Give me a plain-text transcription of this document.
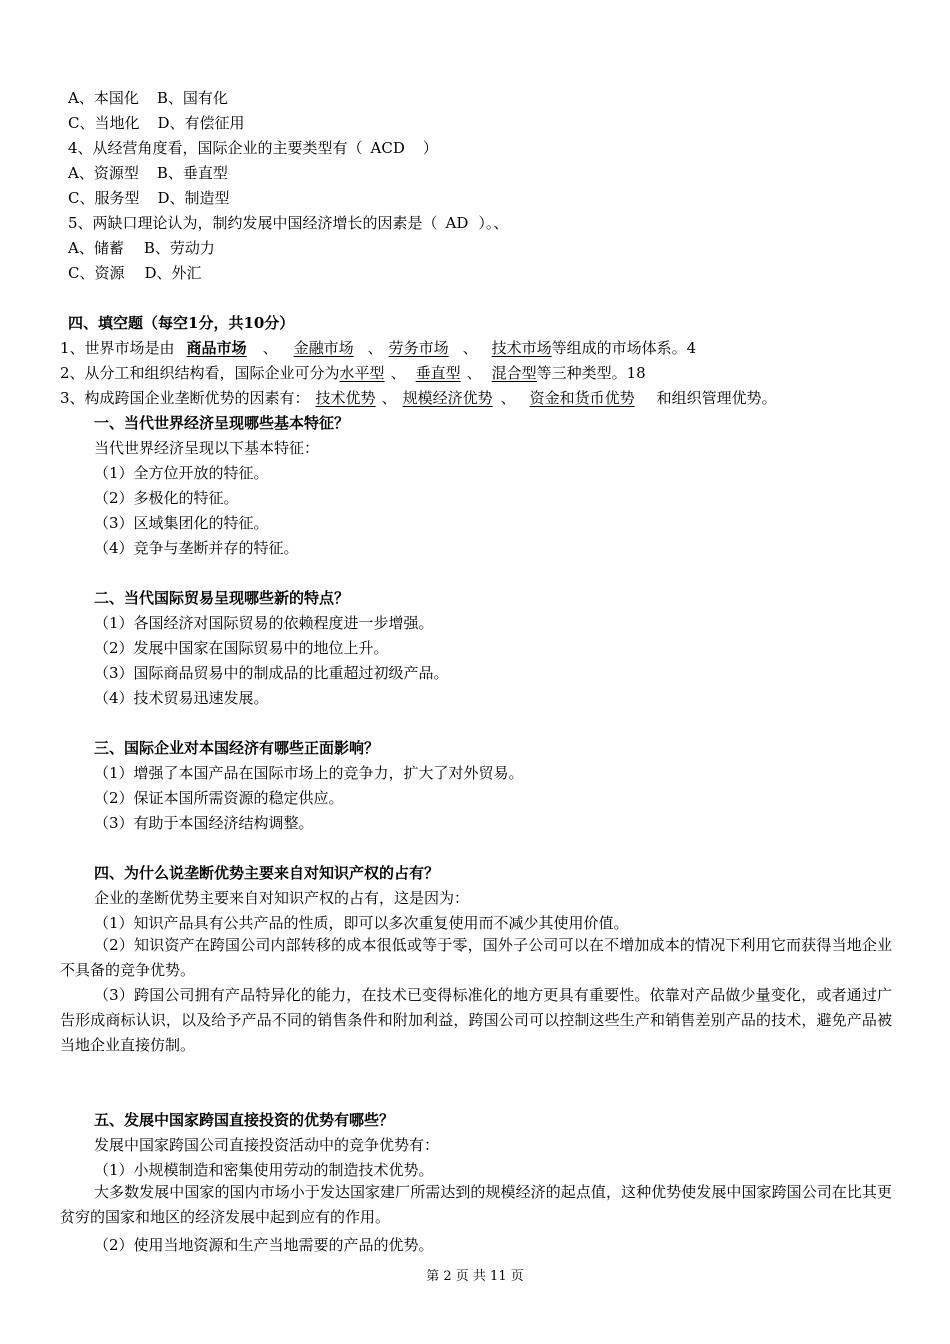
A、本国化 B、国有化
C、当地化 D、有偿征用
4、从经营角度看，国际企业的主要类型有（ ACD ）
A、资源型 B、垂直型
C、服务型 D、制造型
5、两缺口理论认为，制约发展中国经济增长的因素是（ AD ）。、
A、储蓄 B、劳动力
C、资源 D、外汇
四、填空题（每空1分，共10分）
1、世界市场是由 商品市场 、 金融市场 、 劳务市场 、 技术市场等组成的市场体系。4
2、从分工和组织结构看，国际企业可分为水平型 、 垂直型 、 混合型等三种类型。18
3、构成跨国企业垄断优势的因素有： 技术优势 、 规模经济优势 、 资金和货币优势 和组织管理优势。
一、当代世界经济呈现哪些基本特征？
当代世界经济呈现以下基本特征：
（1）全方位开放的特征。
（2）多极化的特征。
（3）区域集团化的特征。
（4）竞争与垄断并存的特征。
二、当代国际贸易呈现哪些新的特点？
（1）各国经济对国际贸易的依赖程度进一步增强。
（2）发展中国家在国际贸易中的地位上升。
（3）国际商品贸易中的制成品的比重超过初级产品。
（4）技术贸易迅速发展。
三、国际企业对本国经济有哪些正面影响？
（1）增强了本国产品在国际市场上的竞争力，扩大了对外贸易。
（2）保证本国所需资源的稳定供应。
（3）有助于本国经济结构调整。
四、为什么说垄断优势主要来自对知识产权的占有？
企业的垄断优势主要来自对知识产权的占有，这是因为：
（1）知识产品具有公共产品的性质，即可以多次重复使用而不减少其使用价值。
（2）知识资产在跨国公司内部转移的成本很低或等于零，国外子公司可以在不增加成本的情况下利用它而获得当地企业不具备的竞争优势。
（3）跨国公司拥有产品特异化的能力，在技术已变得标准化的地方更具有重要性。依靠对产品做少量变化，或者通过广告形成商标认识，以及给予产品不同的销售条件和附加利益，跨国公司可以控制这些生产和销售差别产品的技术，避免产品被当地企业直接仿制。
五、发展中国家跨国直接投资的优势有哪些？
发展中国家跨国公司直接投资活动中的竞争优势有：
（1）小规模制造和密集使用劳动的制造技术优势。
大多数发展中国家的国内市场小于发达国家建厂所需达到的规模经济的起点值，这种优势使发展中国家跨国公司在比其更贫穷的国家和地区的经济发展中起到应有的作用。
（2）使用当地资源和生产当地需要的产品的优势。
第 2 页 共 11 页
